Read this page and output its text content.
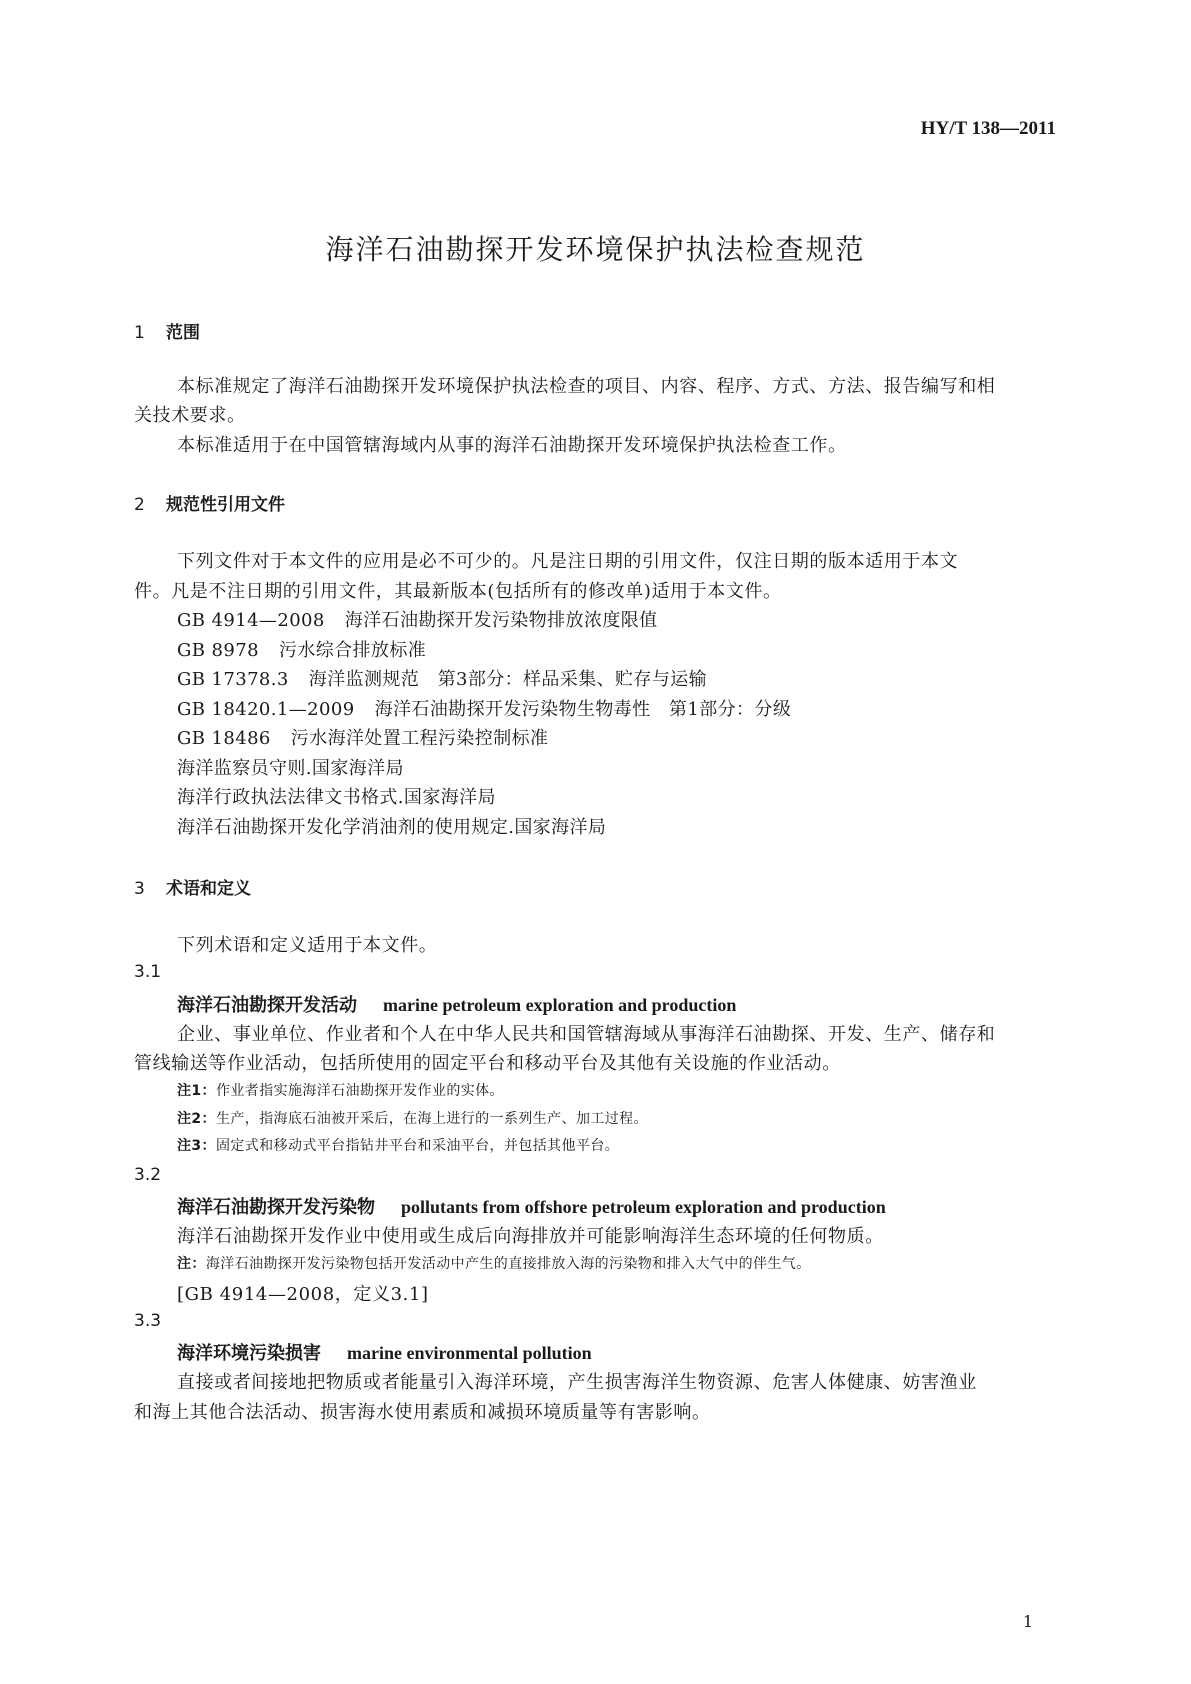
HY/T 138—2011
海洋石油勘探开发环境保护执法检查规范
1 范围
本标准规定了海洋石油勘探开发环境保护执法检查的项目、内容、程序、方式、方法、报告编写和相
关技术要求。
本标准适用于在中国管辖海域内从事的海洋石油勘探开发环境保护执法检查工作。
2 规范性引用文件
下列文件对于本文件的应用是必不可少的。凡是注日期的引用文件，仅注日期的版本适用于本文
件。凡是不注日期的引用文件，其最新版本(包括所有的修改单)适用于本文件。
GB 4914—2008 海洋石油勘探开发污染物排放浓度限值
GB 8978 污水综合排放标准
GB 17378.3 海洋监测规范　第3部分：样品采集、贮存与运输
GB 18420.1—2009 海洋石油勘探开发污染物生物毒性　第1部分：分级
GB 18486 污水海洋处置工程污染控制标准
海洋监察员守则.国家海洋局
海洋行政执法法律文书格式.国家海洋局
海洋石油勘探开发化学消油剂的使用规定.国家海洋局
3 术语和定义
下列术语和定义适用于本文件。
3.1
海洋石油勘探开发活动 marine petroleum exploration and production
企业、事业单位、作业者和个人在中华人民共和国管辖海域从事海洋石油勘探、开发、生产、储存和
管线输送等作业活动，包括所使用的固定平台和移动平台及其他有关设施的作业活动。
注1：作业者指实施海洋石油勘探开发作业的实体。
注2：生产，指海底石油被开采后，在海上进行的一系列生产、加工过程。
注3：固定式和移动式平台指钻井平台和采油平台，并包括其他平台。
3.2
海洋石油勘探开发污染物 pollutants from offshore petroleum exploration and production
海洋石油勘探开发作业中使用或生成后向海排放并可能影响海洋生态环境的任何物质。
注：海洋石油勘探开发污染物包括开发活动中产生的直接排放入海的污染物和排入大气中的伴生气。
[GB 4914—2008，定义3.1]
3.3
海洋环境污染损害 marine environmental pollution
直接或者间接地把物质或者能量引入海洋环境，产生损害海洋生物资源、危害人体健康、妨害渔业
和海上其他合法活动、损害海水使用素质和减损环境质量等有害影响。
1
